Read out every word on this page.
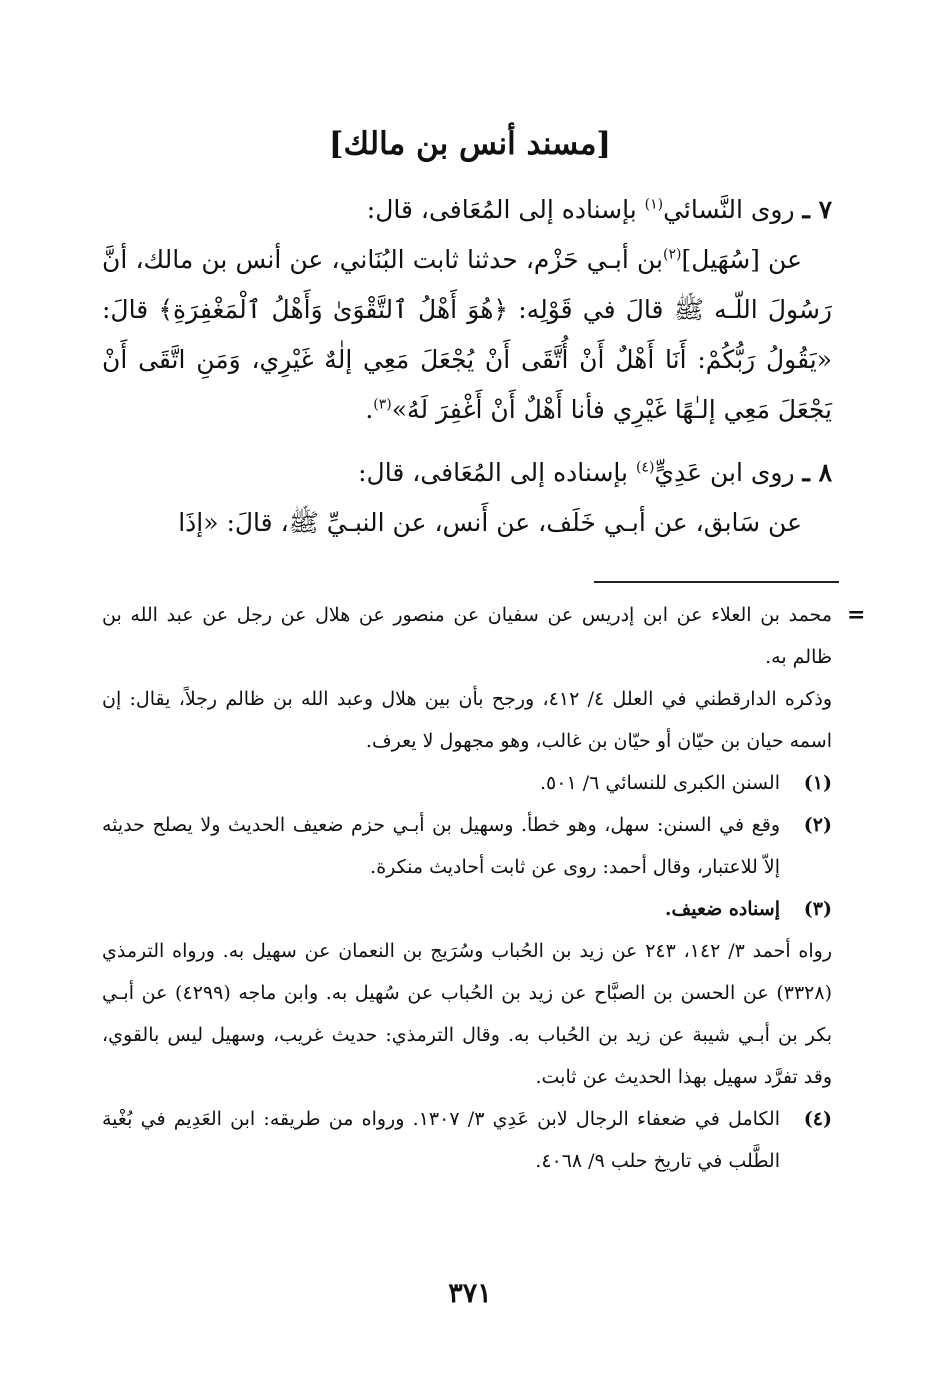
[مسند أنس بن مالك]

٧ ـ روى النَّسائي$^{(١)}$ بإسناده إلى المُعَافى، قال:

عن [سُهَيل]$^{(٢)}$بن أبـي حَزْم، حدثنا ثابت البُنَاني، عن أنس بن مالك، أنَّ رَسُولَ اللّـه ﷺ قالَ في قَوْلِه: ﴿هُوَ أَهْلُ ٱلتَّقْوَىٰ وَأَهْلُ ٱلْمَغْفِرَةِ﴾ قالَ: «يَقُولُ رَبُّكُمْ: أَنَا أَهْلٌ أَنْ أُتَّقَى أَنْ يُجْعَلَ مَعِي إلٰهٌ غَيْرِي، وَمَنِ اتَّقَى أَنْ يَجْعَلَ مَعِي إلـٰهًا غَيْرِي فأنا أَهْلٌ أَنْ أَغْفِرَ لَهُ»$^{(٣)}$.

٨ ـ روى ابن عَدِيٍّ$^{(٤)}$ بإسناده إلى المُعَافى، قال:

عن سَابق، عن أبـي خَلَف، عن أَنس، عن النبـيِّ ﷺ، قالَ: «إذَا

=

محمد بن العلاء عن ابن إدريس عن سفيان عن منصور عن هلال عن رجل عن عبد الله بن ظالم به.

وذكره الدارقطني في العلل ٤/ ٤١٢، ورجح بأن بين هلال وعبد الله بن ظالم رجلاً، يقال: إن اسمه حيان بن حيّان أو حيّان بن غالب، وهو مجهول لا يعرف.

(١)
السنن الكبرى للنسائي ٦/ ٥٠١.

(٢)
وقع في السنن: سهل، وهو خطأ. وسهيل بن أبـي حزم ضعيف الحديث ولا يصلح حديثه إلاّ للاعتبار، وقال أحمد: روى عن ثابت أحاديث منكرة.

(٣)
إسناده ضعيف.

رواه أحمد ٣/ ١٤٢، ٢٤٣ عن زيد بن الحُباب وسُرَيج بن النعمان عن سهيل به. ورواه الترمذي (٣٣٢٨) عن الحسن بن الصبَّاح عن زيد بن الحُباب عن سُهيل به. وابن ماجه (٤٢٩٩) عن أبـي بكر بن أبـي شيبة عن زيد بن الحُباب به. وقال الترمذي: حديث غريب، وسهيل ليس بالقوي، وقد تفرَّد سهيل بهذا الحديث عن ثابت.

(٤)
الكامل في ضعفاء الرجال لابن عَدِي ٣/ ١٣٠٧. ورواه من طريقه: ابن العَدِيم في بُغْية الطَّلب في تاريخ حلب ٩/ ٤٠٦٨.

٣٧١
